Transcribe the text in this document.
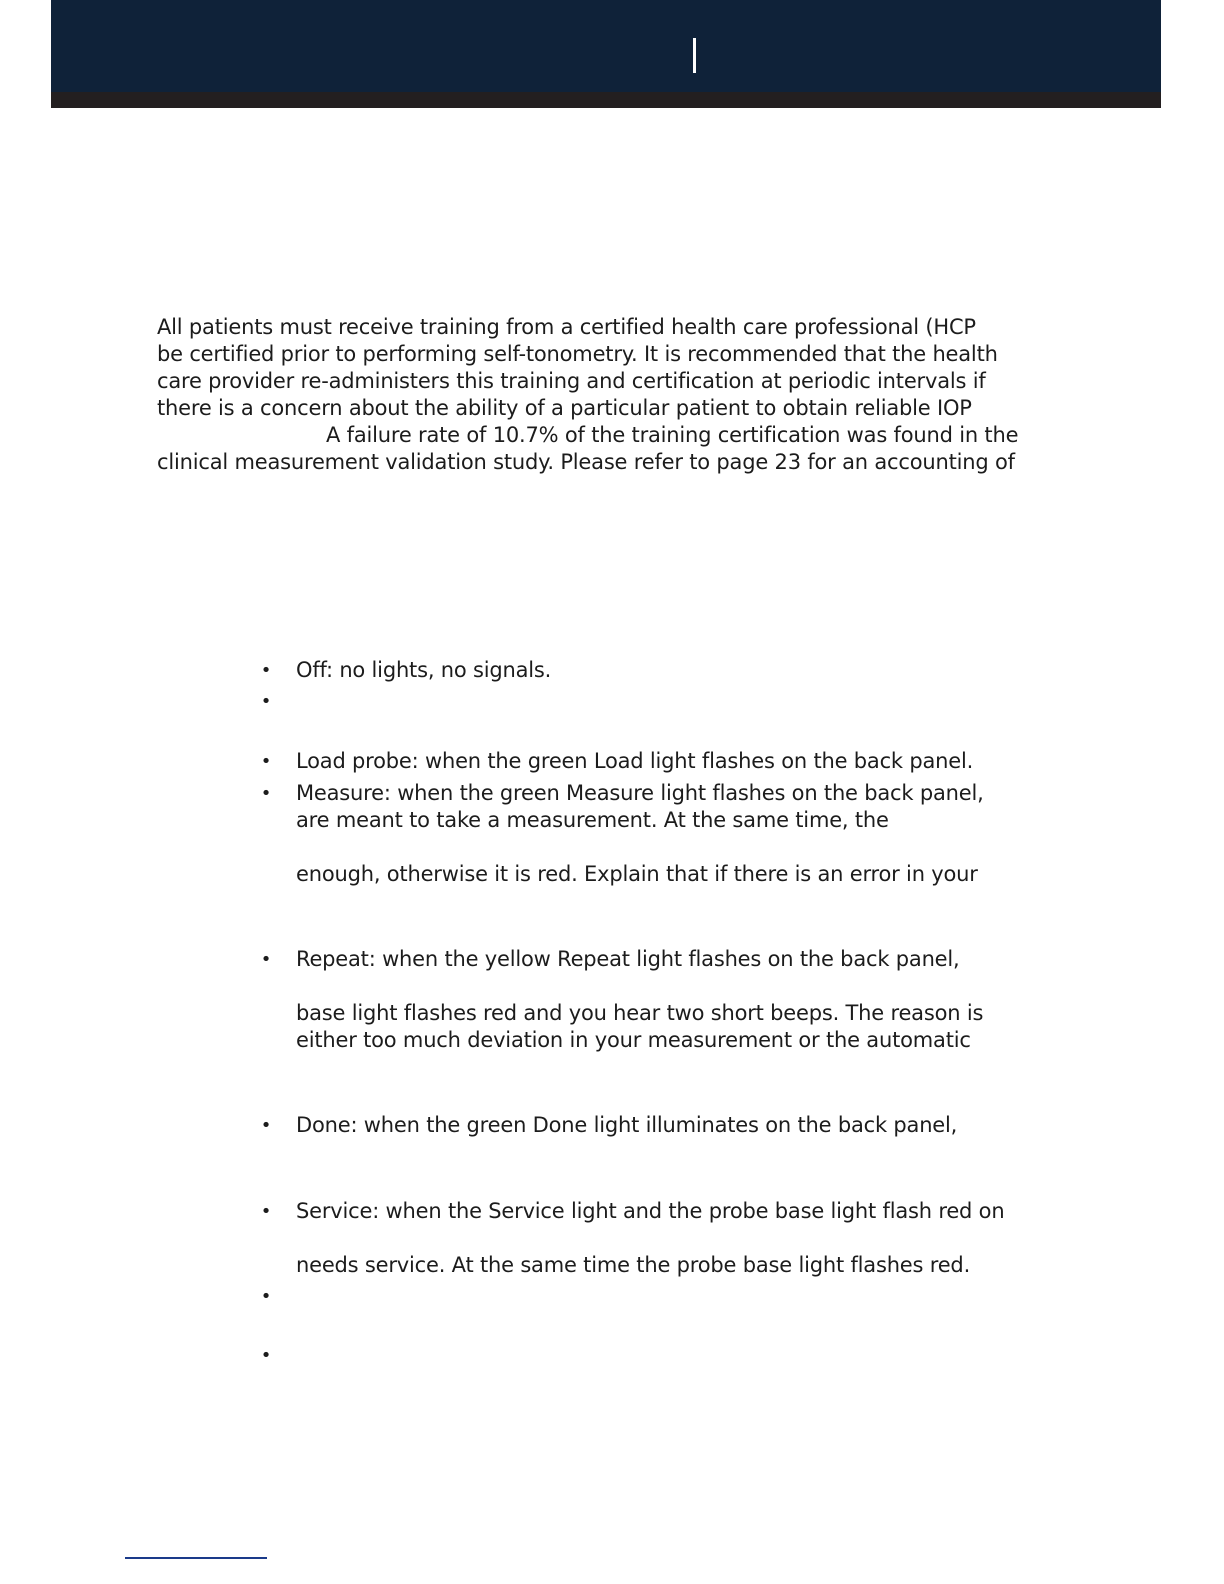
All patients must receive training from a certified health care professional (HCP
be certified prior to performing self-tonometry. It is recommended that the health
care provider re-administers this training and certification at periodic intervals if
there is a concern about the ability of a particular patient to obtain reliable IOP
A failure rate of 10.7% of the training certification was found in the
clinical measurement validation study. Please refer to page 23 for an accounting of
• Off: no lights, no signals.
•
• Load probe: when the green Load light flashes on the back panel.
• Measure: when the green Measure light flashes on the back panel,
are meant to take a measurement. At the same time, the
enough, otherwise it is red. Explain that if there is an error in your
• Repeat: when the yellow Repeat light flashes on the back panel,
base light flashes red and you hear two short beeps. The reason is
either too much deviation in your measurement or the automatic
• Done: when the green Done light illuminates on the back panel,
• Service: when the Service light and the probe base light flash red on
needs service. At the same time the probe base light flashes red.
•
•
